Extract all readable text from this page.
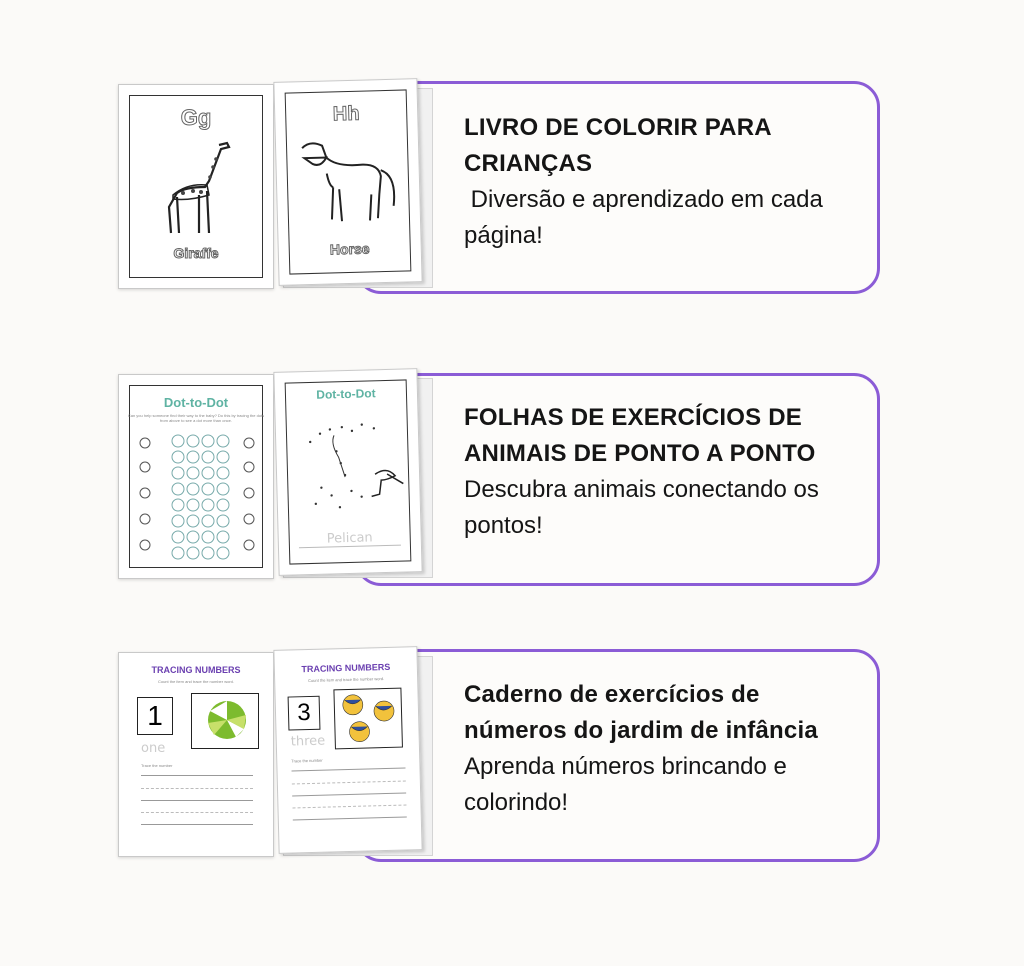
LIVRO DE COLORIR PARA CRIANÇAS
Diversão e aprendizado em cada página!
Gg
Giraffe
Hh
Horse
FOLHAS DE EXERCÍCIOS DE ANIMAIS DE PONTO A PONTO
Descubra animais conectando os pontos!
Dot-to-Dot
Can you help someone find their way to the baby? Do this by tracing the dots from above to see a dot more than once.
Dot-to-Dot
Pelican
Caderno de exercícios de números do jardim de infância
Aprenda números brincando e colorindo!
TRACING NUMBERS
Count the item and trace the number word.
1
one
Trace the number
TRACING NUMBERS
Count the item and trace the number word.
3
three
Trace the number
